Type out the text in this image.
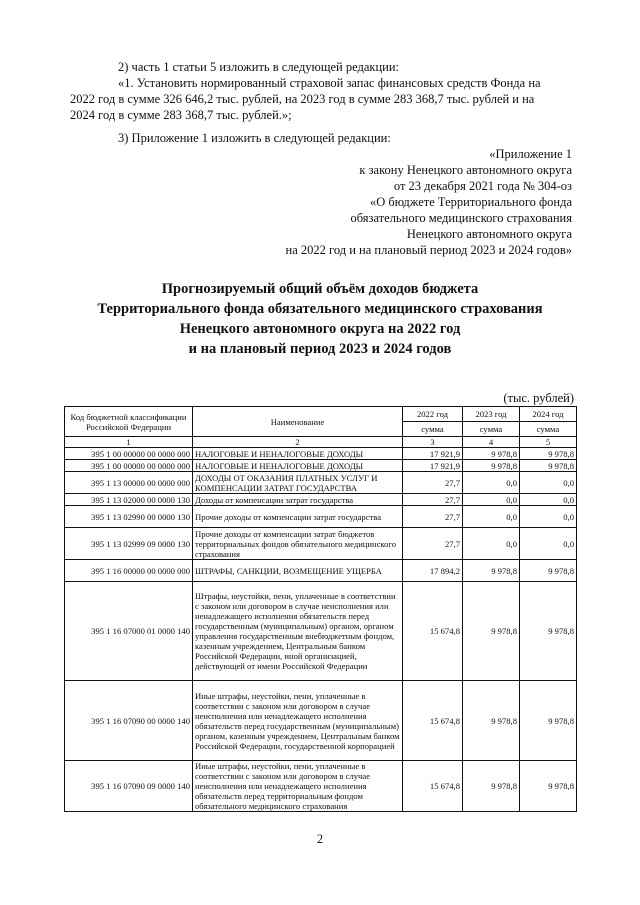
2) часть 1 статьи 5 изложить в следующей редакции:
«1. Установить нормированный страховой запас финансовых средств Фонда на
2022 год в сумме 326 646,2 тыс. рублей, на 2023 год в сумме 283 368,7 тыс. рублей и на
2024 год в сумме 283 368,7 тыс. рублей.»;
3) Приложение 1 изложить в следующей редакции:
«Приложение 1
к закону Ненецкого автономного округа
от 23 декабря 2021 года № 304-оз
«О бюджете Территориального фонда
обязательного медицинского страхования
Ненецкого автономного округа
на 2022 год и на плановый период 2023 и 2024 годов»
Прогнозируемый общий объём доходов бюджета
Территориального фонда обязательного медицинского страхования
Ненецкого автономного округа на 2022 год
и на плановый период 2023 и 2024 годов
(тыс. рублей)
Код бюджетной классификации Российской Федерации	Наименование	2022 год	2023 год	2024 год
		сумма	сумма	сумма
1	2	3	4	5
395 1 00 00000 00 0000 000	НАЛОГОВЫЕ И НЕНАЛОГОВЫЕ ДОХОДЫ	17 921,9	9 978,8	9 978,8
395 1 00 00000 00 0000 000	НАЛОГОВЫЕ И НЕНАЛОГОВЫЕ ДОХОДЫ	17 921,9	9 978,8	9 978,8
395 1 13 00000 00 0000 000	ДОХОДЫ ОТ ОКАЗАНИЯ ПЛАТНЫХ УСЛУГ И КОМПЕНСАЦИИ ЗАТРАТ ГОСУДАРСТВА	27,7	0,0	0,0
395 1 13 02000 00 0000 130	Доходы от компенсации затрат государства	27,7	0,0	0,0
395 1 13 02990 00 0000 130	Прочие доходы от компенсации затрат государства	27,7	0,0	0,0
395 1 13 02999 09 0000 130	Прочие доходы от компенсации затрат бюджетов территориальных фондов обязательного медицинского страхования	27,7	0,0	0,0
395 1 16 00000 00 0000 000	ШТРАФЫ, САНКЦИИ, ВОЗМЕЩЕНИЕ УЩЕРБА	17 894,2	9 978,8	9 978,8
395 1 16 07000 01 0000 140	Штрафы, неустойки, пени, уплаченные в соответствии с законом или договором в случае неисполнения или ненадлежащего исполнения обязательств перед государственным (муниципальным) органом, органом управления государственным внебюджетным фондом, казенным учреждением, Центральным банком Российской Федерации, иной организацией, действующей от имени Российской Федерации	15 674,8	9 978,8	9 978,8
395 1 16 07090 00 0000 140	Иные штрафы, неустойки, пени, уплаченные в соответствии с законом или договором в случае неисполнения или ненадлежащего исполнения обязательств перед государственным (муниципальным) органом, казенным учреждением, Центральным банком Российской Федерации, государственной корпорацией	15 674,8	9 978,8	9 978,8
395 1 16 07090 09 0000 140	Иные штрафы, неустойки, пени, уплаченные в соответствии с законом или договором в случае неисполнения или ненадлежащего исполнения обязательств перед территориальным фондом обязательного медицинского страхования	15 674,8	9 978,8	9 978,8
2
